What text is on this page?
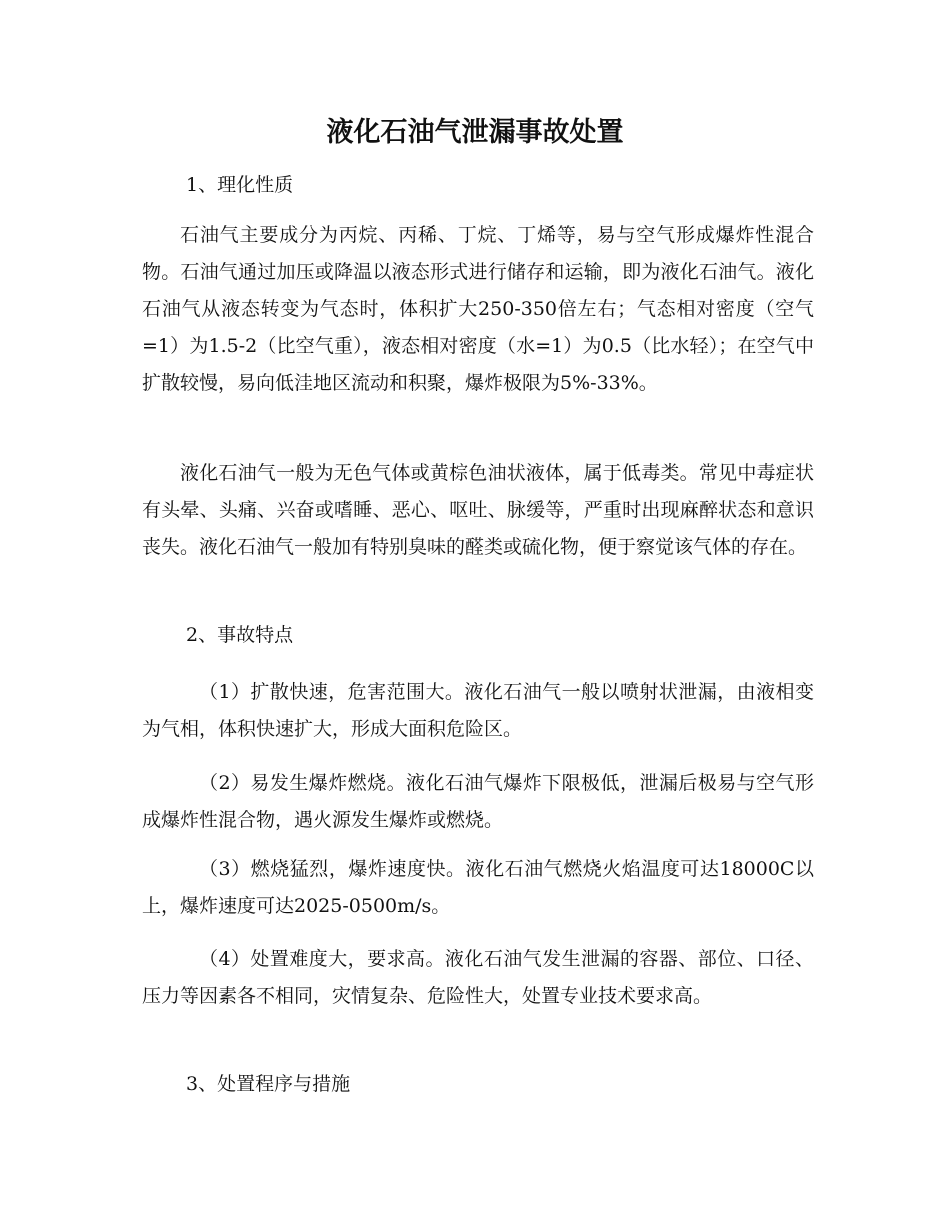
液化石油气泄漏事故处置

1、理化性质

石油气主要成分为丙烷、丙稀、丁烷、丁烯等，易与空气形成爆炸性混合物。石油气通过加压或降温以液态形式进行储存和运输，即为液化石油气。液化石油气从液态转变为气态时，体积扩大250-350倍左右；气态相对密度（空气=1）为1.5-2（比空气重），液态相对密度（水=1）为0.5（比水轻）；在空气中扩散较慢，易向低洼地区流动和积聚，爆炸极限为5%-33%。

液化石油气一般为无色气体或黄棕色油状液体，属于低毒类。常见中毒症状有头晕、头痛、兴奋或嗜睡、恶心、呕吐、脉缓等，严重时出现麻醉状态和意识丧失。液化石油气一般加有特别臭味的醛类或硫化物，便于察觉该气体的存在。

2、事故特点

（1）扩散快速，危害范围大。液化石油气一般以喷射状泄漏，由液相变为气相，体积快速扩大，形成大面积危险区。

（2）易发生爆炸燃烧。液化石油气爆炸下限极低，泄漏后极易与空气形成爆炸性混合物，遇火源发生爆炸或燃烧。

（3）燃烧猛烈，爆炸速度快。液化石油气燃烧火焰温度可达18000C以上，爆炸速度可达2025-0500m/s。

（4）处置难度大，要求高。液化石油气发生泄漏的容器、部位、口径、压力等因素各不相同，灾情复杂、危险性大，处置专业技术要求高。

3、处置程序与措施
